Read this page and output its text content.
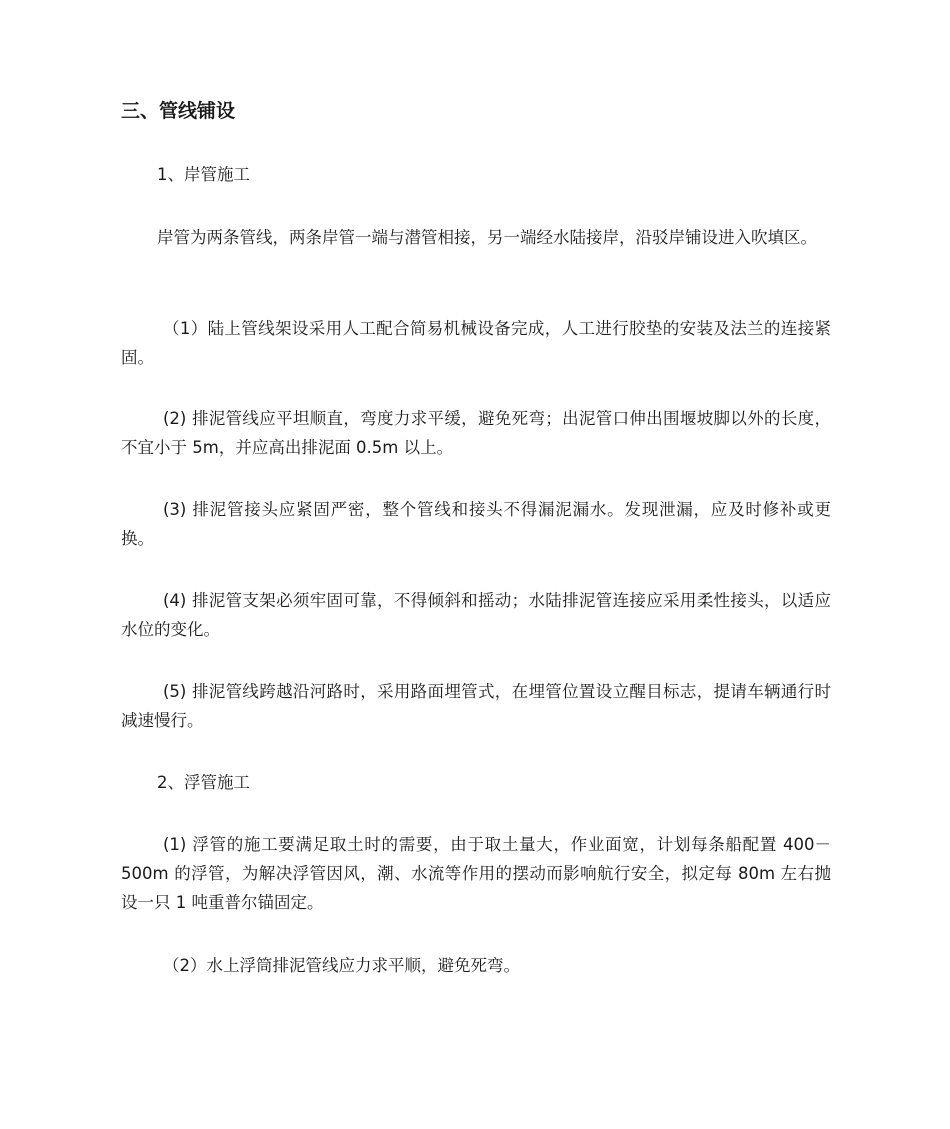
三、管线铺设
1、岸管施工
岸管为两条管线，两条岸管一端与潜管相接，另一端经水陆接岸，沿驳岸铺设进入吹填区。
（1）陆上管线架设采用人工配合简易机械设备完成，人工进行胶垫的安装及法兰的连接紧固。
(2) 排泥管线应平坦顺直，弯度力求平缓，避免死弯；出泥管口伸出围堰坡脚以外的长度，不宜小于 5m，并应高出排泥面 0.5m 以上。
(3) 排泥管接头应紧固严密，整个管线和接头不得漏泥漏水。发现泄漏，应及时修补或更换。
(4) 排泥管支架必须牢固可靠，不得倾斜和摇动；水陆排泥管连接应采用柔性接头，以适应水位的变化。
(5) 排泥管线跨越沿河路时，采用路面埋管式，在埋管位置设立醒目标志，提请车辆通行时减速慢行。
2、浮管施工
(1) 浮管的施工要满足取土时的需要，由于取土量大，作业面宽，计划每条船配置 400－500m 的浮管，为解决浮管因风，潮、水流等作用的摆动而影响航行安全，拟定每 80m 左右抛设一只 1 吨重普尔锚固定。
（2）水上浮筒排泥管线应力求平顺，避免死弯。
